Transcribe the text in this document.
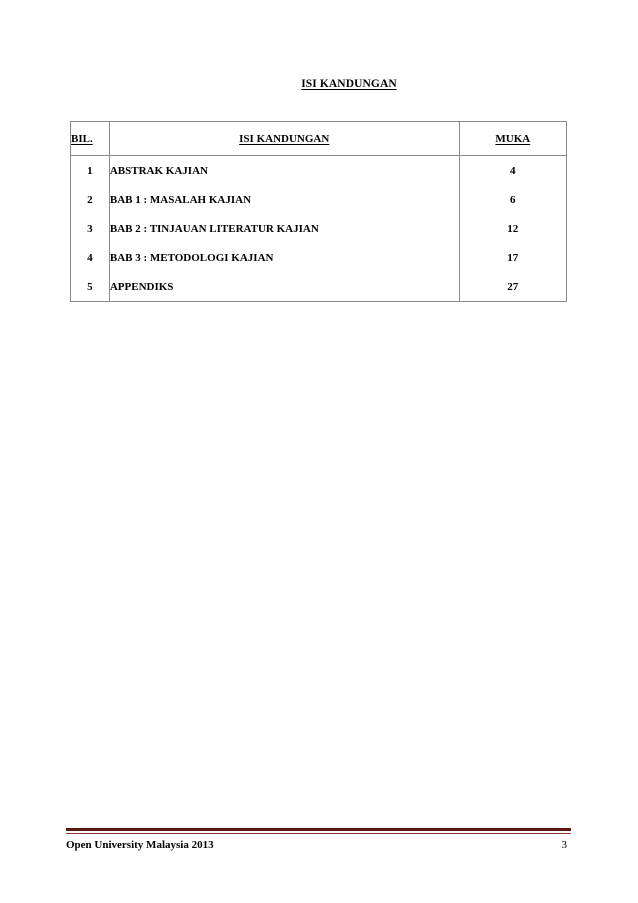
ISI KANDUNGAN
BIL.	ISI KANDUNGAN	MUKA
1	ABSTRAK KAJIAN	4
2	BAB 1 : MASALAH KAJIAN	6
3	BAB 2 : TINJAUAN LITERATUR KAJIAN	12
4	BAB 3 : METODOLOGI KAJIAN	17
5	APPENDIKS	27
Open University Malaysia 2013	3
